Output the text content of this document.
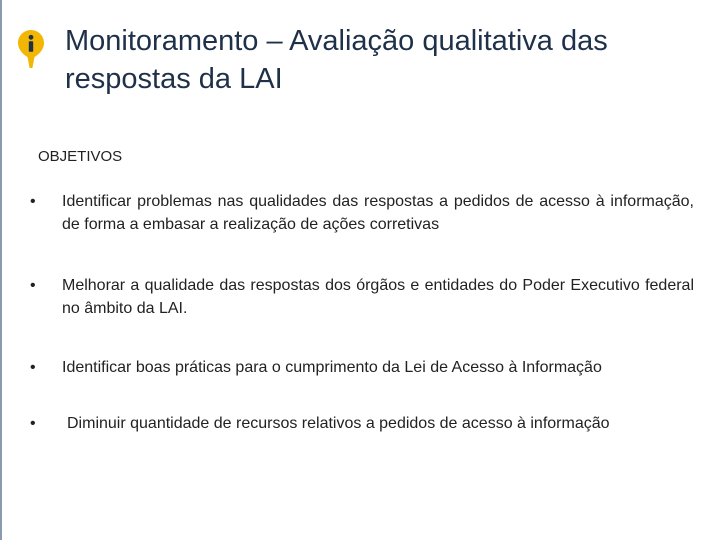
Monitoramento – Avaliação qualitativa das respostas da LAI
OBJETIVOS
•	Identificar problemas nas qualidades das respostas a pedidos de acesso à informação, de forma a embasar a realização de ações corretivas
•	Melhorar a qualidade das respostas dos órgãos e entidades do Poder Executivo federal no âmbito da LAI.
•	Identificar boas práticas para o cumprimento da Lei de Acesso à Informação
•	Diminuir quantidade de recursos relativos a pedidos de acesso à informação
